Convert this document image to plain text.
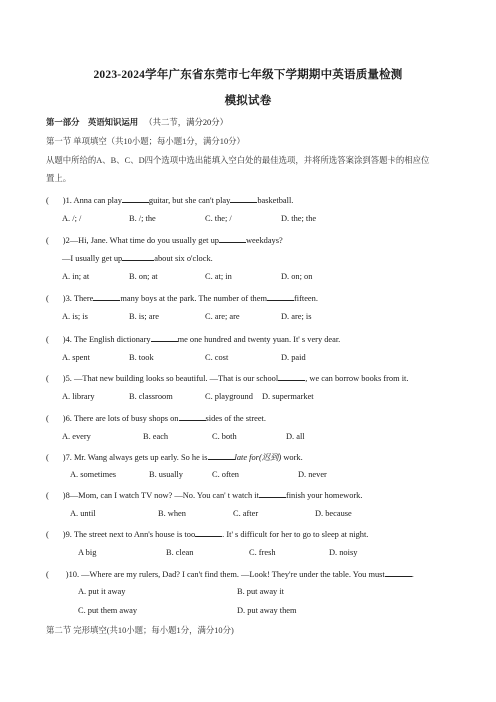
2023-2024学年广东省东莞市七年级下学期期中英语质量检测
模拟试卷
第一部分　英语知识运用 （共二节，满分20分）
第一节 单项填空（共10小题；每小题1分，满分10分）
从题中所给的A、B、C、D四个选项中选出能填入空白处的最佳选项，并将所选答案涂到答题卡的相应位
置上。
( )1. Anna can play	guitar, but she can't play	basketball.
A. /; /	B. /; the	C. the; /	D. the; the
( )2—Hi, Jane. What time do you usually get up	weekdays?
—I usually get up	about six o'clock.
A. in; at	B. on; at	C. at; in	D. on; on
( )3. There	many boys at the park. The number of them	fifteen.
A. is; is	B. is; are	C. are; are	D. are; is
( )4. The English dictionary	me one hundred and twenty yuan. It' s very dear.
A. spent	B. took	C. cost	D. paid
( )5. —That new building looks so beautiful. —That is our school	, we can borrow books from it.
A. library	B. classroom	C. playground D. supermarket
( )6. There are lots of busy shops on	sides of the street.
A. every	B. each	C. both	D. all
( )7. Mr. Wang always gets up early. So he is	late for(迟到) work.
A. sometimes	B. usually	C. often	D. never
( )8—Mom, can I watch TV now? —No. You can' t watch it	finish your homework.
A. until	B. when	C. after	D. because
( )9. The street next to Ann's house is too	. It' s difficult for her to go to sleep at night.
A big	B. clean	C. fresh	D. noisy
( )10. —Where are my rulers, Dad? I can't find them. —Look! They're under the table. You must	.
A. put it away	B. put away it
C. put them away	D. put away them
第二节 完形填空(共10小题；每小题1分，满分10分)
